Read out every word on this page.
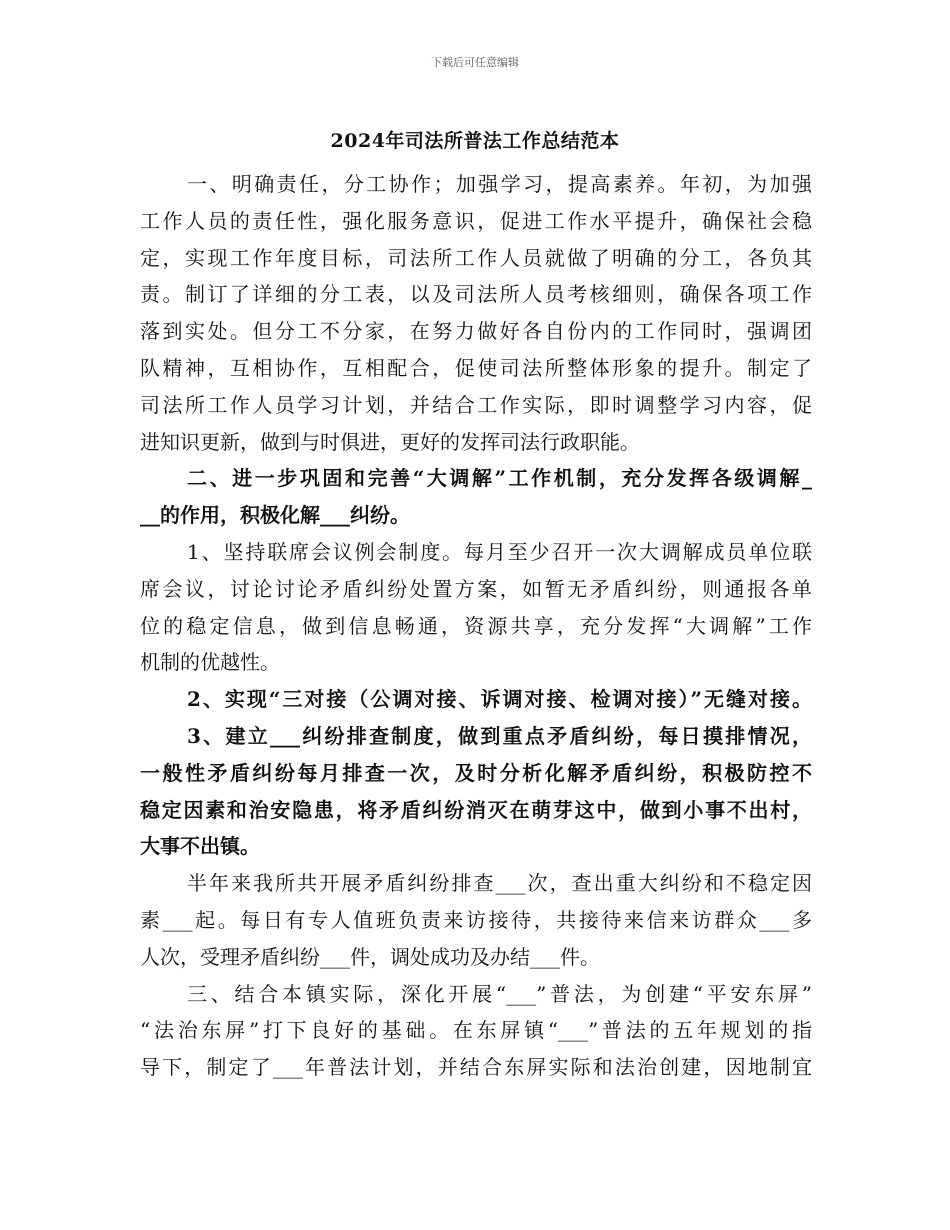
下载后可任意编辑
2024年司法所普法工作总结范本
一、明确责任，分工协作；加强学习，提高素养。年初，为加强
工作人员的责任性，强化服务意识，促进工作水平提升，确保社会稳
定，实现工作年度目标，司法所工作人员就做了明确的分工，各负其
责。制订了详细的分工表，以及司法所人员考核细则，确保各项工作
落到实处。但分工不分家，在努力做好各自份内的工作同时，强调团
队精神，互相协作，互相配合，促使司法所整体形象的提升。制定了
司法所工作人员学习计划，并结合工作实际，即时调整学习内容，促
进知识更新，做到与时俱进，更好的发挥司法行政职能。
二、进一步巩固和完善“大调解”工作机制，充分发挥各级调解_
__的作用，积极化解___纠纷。
1、坚持联席会议例会制度。每月至少召开一次大调解成员单位联
席会议，讨论讨论矛盾纠纷处置方案，如暂无矛盾纠纷，则通报各单
位的稳定信息，做到信息畅通，资源共享，充分发挥“大调解”工作
机制的优越性。
2、实现“三对接（公调对接、诉调对接、检调对接）”无缝对接。
3、建立___纠纷排查制度，做到重点矛盾纠纷，每日摸排情况，
一般性矛盾纠纷每月排查一次，及时分析化解矛盾纠纷，积极防控不
稳定因素和治安隐患，将矛盾纠纷消灭在萌芽这中，做到小事不出村，
大事不出镇。
半年来我所共开展矛盾纠纷排查___次，查出重大纠纷和不稳定因
素___起。每日有专人值班负责来访接待，共接待来信来访群众___多
人次，受理矛盾纠纷___件，调处成功及办结___件。
三、结合本镇实际，深化开展“___”普法，为创建“平安东屏”
“法治东屏”打下良好的基础。在东屏镇“___”普法的五年规划的指
导下，制定了___年普法计划，并结合东屏实际和法治创建，因地制宜
